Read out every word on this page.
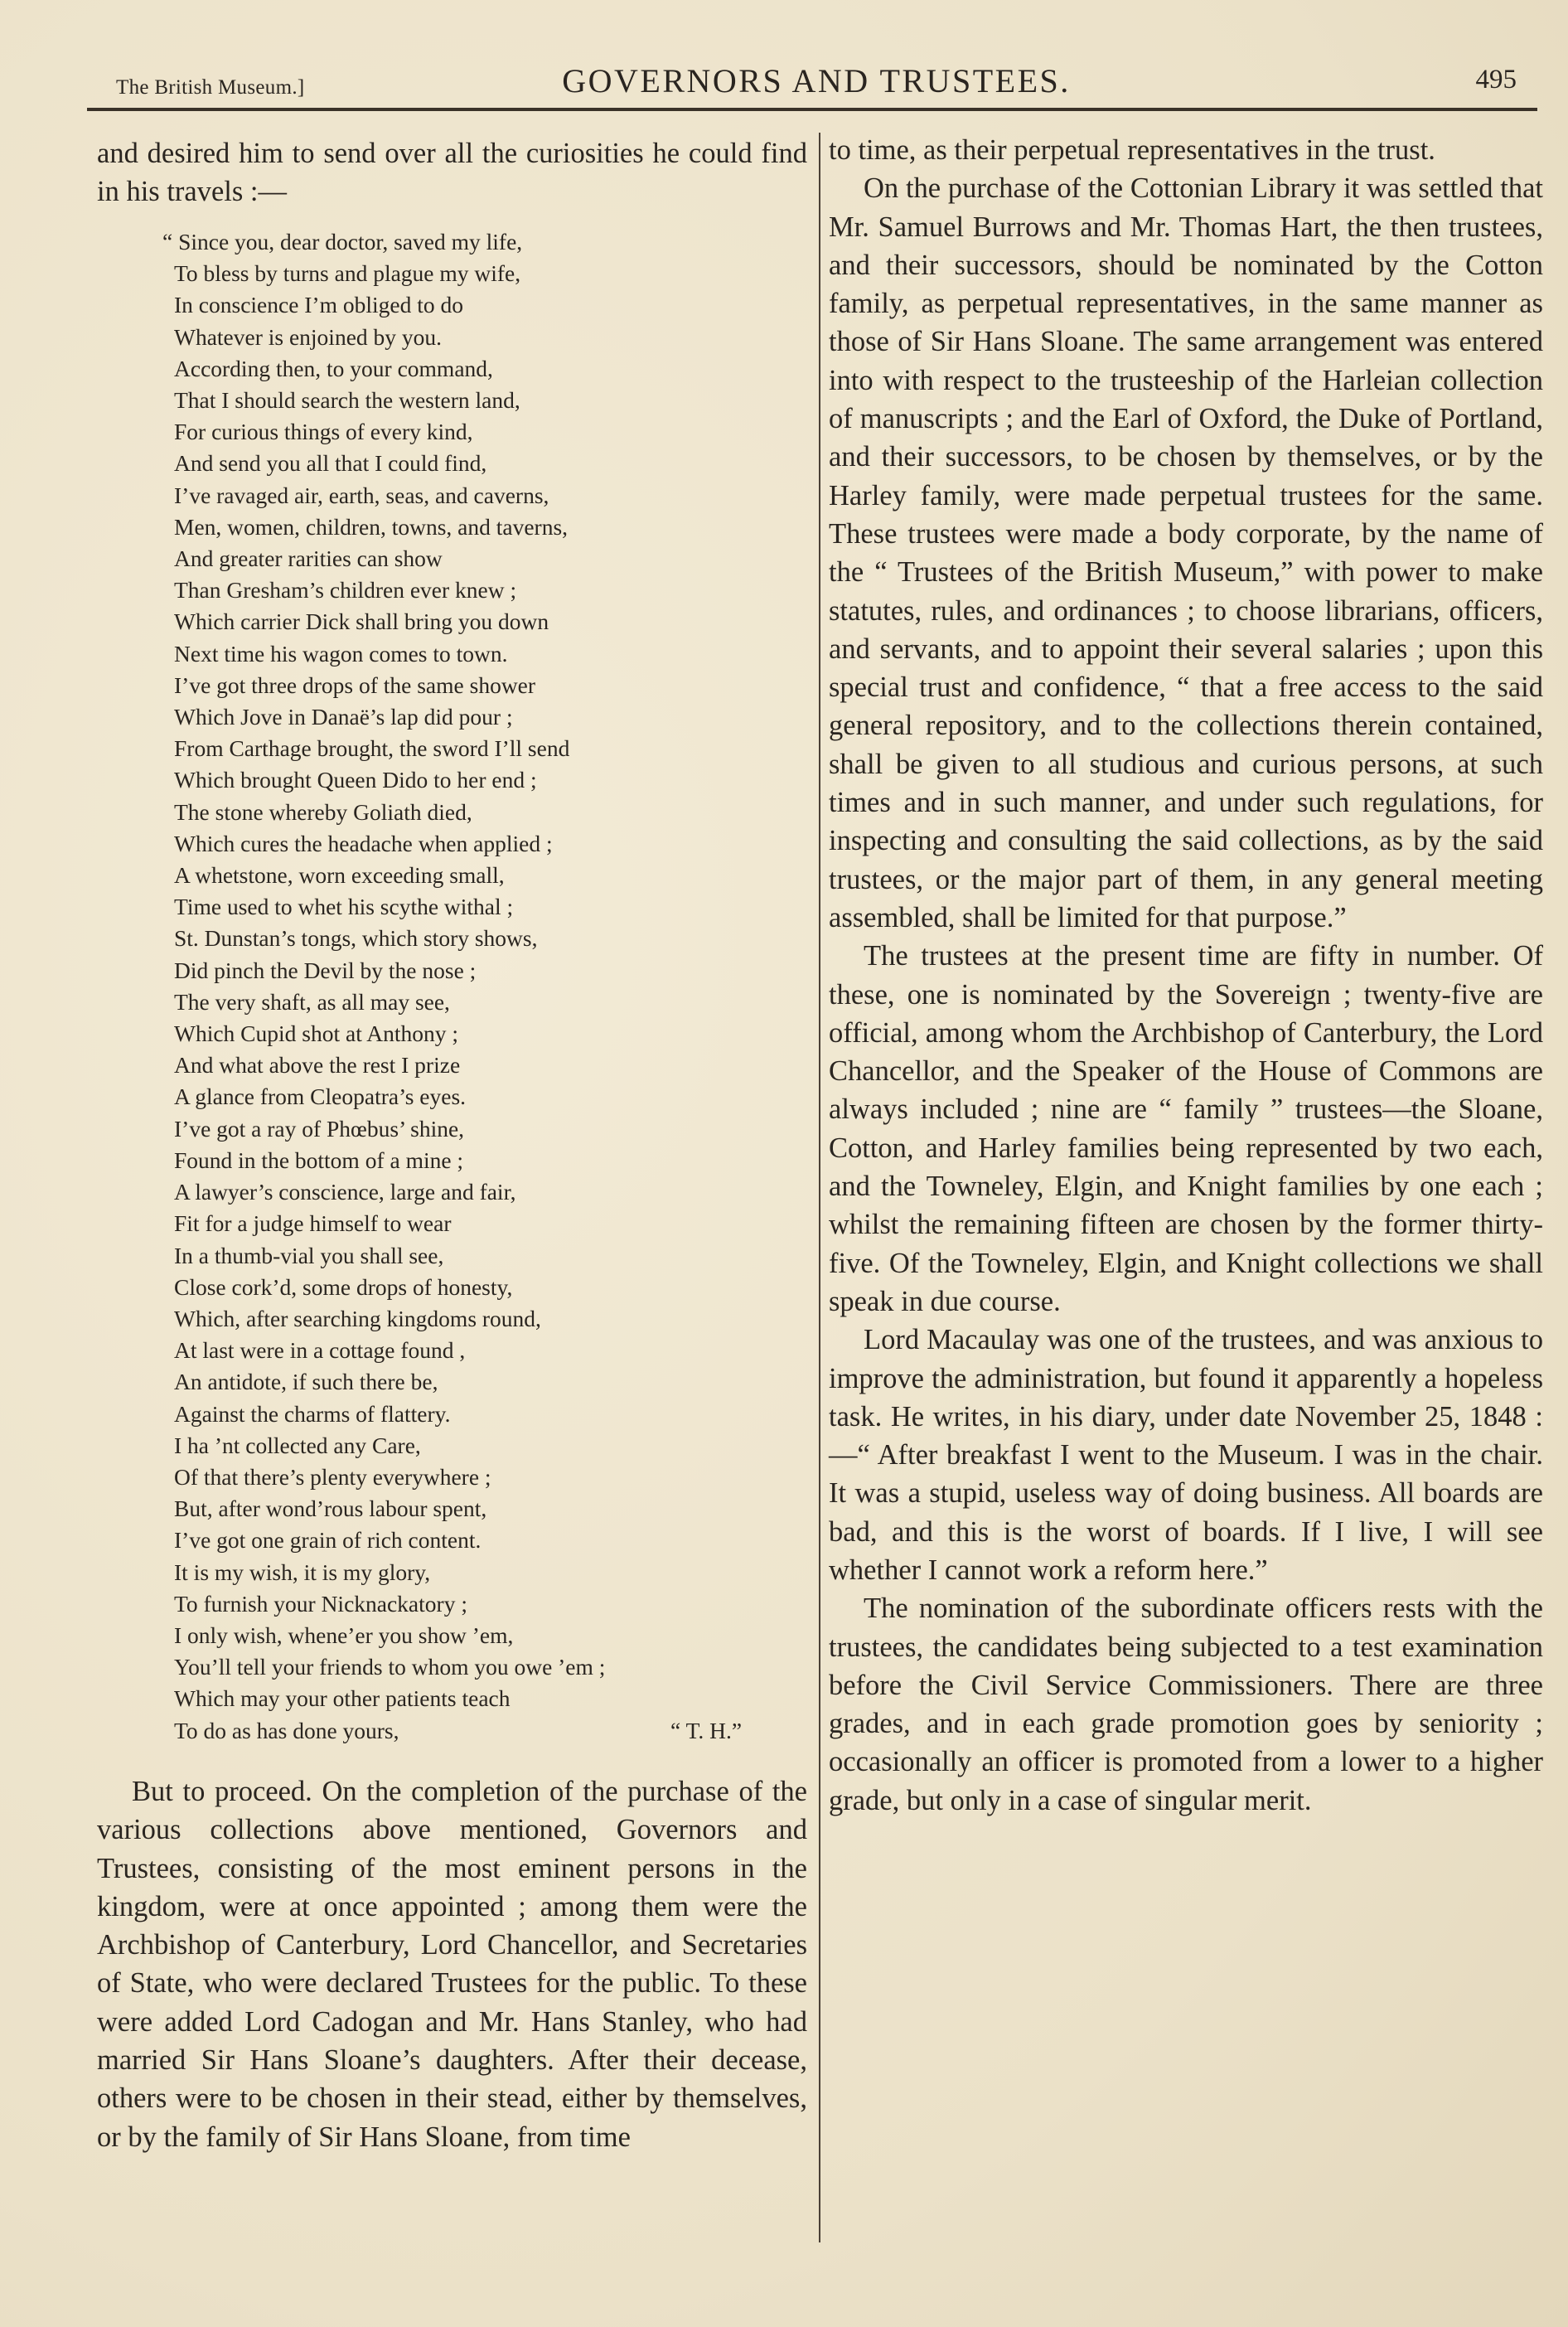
The British Museum.]	GOVERNORS AND TRUSTEES.	495

and desired him to send over all the curiosities he could find in his travels :—

“ Since you, dear doctor, saved my life,
To bless by turns and plague my wife,
In conscience I’m obliged to do
Whatever is enjoined by you.
According then, to your command,
That I should search the western land,
For curious things of every kind,
And send you all that I could find,
I’ve ravaged air, earth, seas, and caverns,
Men, women, children, towns, and taverns,
And greater rarities can show
Than Gresham’s children ever knew ;
Which carrier Dick shall bring you down
Next time his wagon comes to town.
I’ve got three drops of the same shower
Which Jove in Danaë’s lap did pour ;
From Carthage brought, the sword I’ll send
Which brought Queen Dido to her end ;
The stone whereby Goliath died,
Which cures the headache when applied ;
A whetstone, worn exceeding small,
Time used to whet his scythe withal ;
St. Dunstan’s tongs, which story shows,
Did pinch the Devil by the nose ;
The very shaft, as all may see,
Which Cupid shot at Anthony ;
And what above the rest I prize
A glance from Cleopatra’s eyes.
I’ve got a ray of Phœbus’ shine,
Found in the bottom of a mine ;
A lawyer’s conscience, large and fair,
Fit for a judge himself to wear
In a thumb-vial you shall see,
Close cork’d, some drops of honesty,
Which, after searching kingdoms round,
At last were in a cottage found ,
An antidote, if such there be,
Against the charms of flattery.
I ha ’nt collected any Care,
Of that there’s plenty everywhere ;
But, after wond’rous labour spent,
I’ve got one grain of rich content.
It is my wish, it is my glory,
To furnish your Nicknackatory ;
I only wish, whene’er you show ’em,
You’ll tell your friends to whom you owe ’em ;
Which may your other patients teach
To do as has done yours,	“ T. H.”

But to proceed. On the completion of the purchase of the various collections above mentioned, Governors and Trustees, consisting of the most eminent persons in the kingdom, were at once appointed ; among them were the Archbishop of Canterbury, Lord Chancellor, and Secretaries of State, who were declared Trustees for the public. To these were added Lord Cadogan and Mr. Hans Stanley, who had married Sir Hans Sloane’s daughters. After their decease, others were to be chosen in their stead, either by themselves, or by the family of Sir Hans Sloane, from time

to time, as their perpetual representatives in the trust.

On the purchase of the Cottonian Library it was settled that Mr. Samuel Burrows and Mr. Thomas Hart, the then trustees, and their successors, should be nominated by the Cotton family, as perpetual representatives, in the same manner as those of Sir Hans Sloane. The same arrangement was entered into with respect to the trusteeship of the Harleian collection of manuscripts ; and the Earl of Oxford, the Duke of Portland, and their successors, to be chosen by themselves, or by the Harley family, were made perpetual trustees for the same. These trustees were made a body corporate, by the name of the “ Trustees of the British Museum,” with power to make statutes, rules, and ordinances ; to choose librarians, officers, and servants, and to appoint their several salaries ; upon this special trust and confidence, “ that a free access to the said general repository, and to the collections therein contained, shall be given to all studious and curious persons, at such times and in such manner, and under such regulations, for inspecting and consulting the said collections, as by the said trustees, or the major part of them, in any general meeting assembled, shall be limited for that purpose.”

The trustees at the present time are fifty in number. Of these, one is nominated by the Sovereign ; twenty-five are official, among whom the Archbishop of Canterbury, the Lord Chancellor, and the Speaker of the House of Commons are always included ; nine are “ family ” trustees—the Sloane, Cotton, and Harley families being represented by two each, and the Towneley, Elgin, and Knight families by one each ; whilst the remaining fifteen are chosen by the former thirty-five. Of the Towneley, Elgin, and Knight collections we shall speak in due course.

Lord Macaulay was one of the trustees, and was anxious to improve the administration, but found it apparently a hopeless task. He writes, in his diary, under date November 25, 1848 :—“ After breakfast I went to the Museum. I was in the chair. It was a stupid, useless way of doing business. All boards are bad, and this is the worst of boards. If I live, I will see whether I cannot work a reform here.”

The nomination of the subordinate officers rests with the trustees, the candidates being subjected to a test examination before the Civil Service Commissioners. There are three grades, and in each grade promotion goes by seniority ; occasionally an officer is promoted from a lower to a higher grade, but only in a case of singular merit.
